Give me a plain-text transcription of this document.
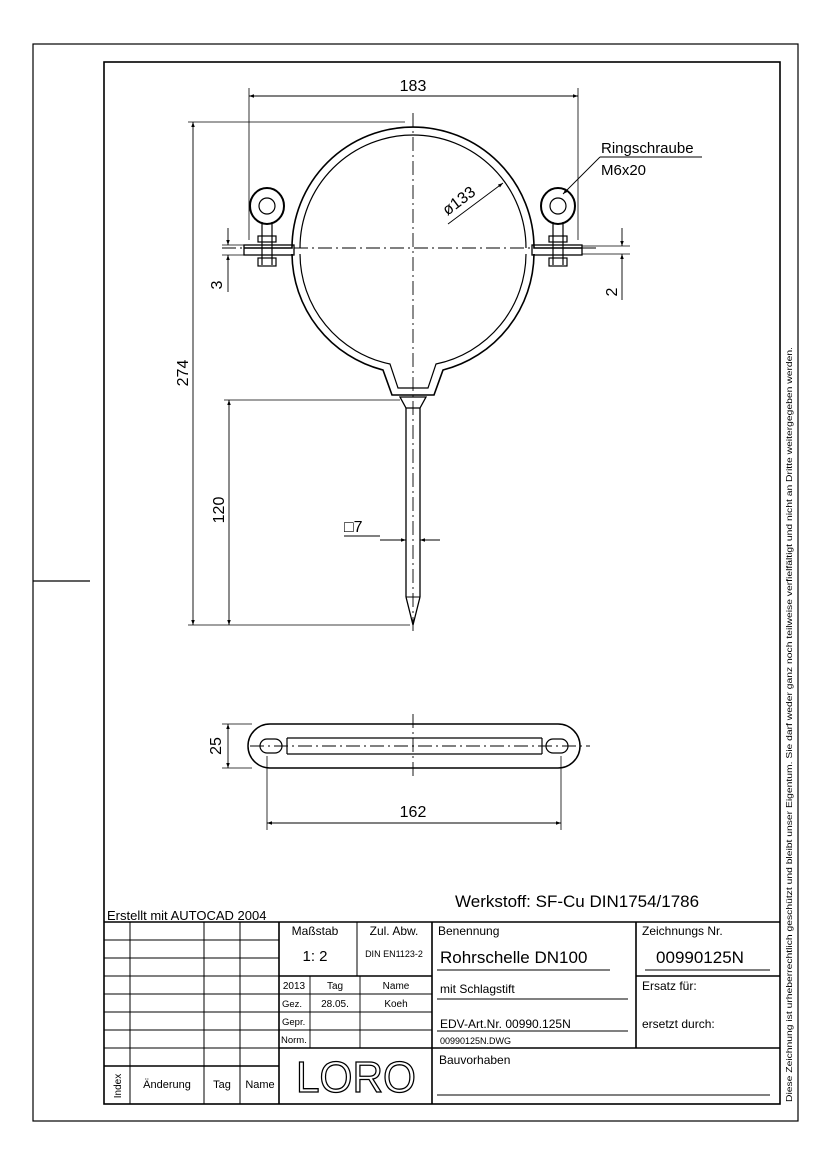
Diese Zeichnung ist urheberrechtlich geschützt und bleibt unser Eigentum. Sie darf weder ganz noch teilweise verfielfältigt und nicht an Dritte weitergegeben werden.
183
ø133
Ringschraube
M6x20
274
120
3
2
□7
25
162
Werkstoff: SF-Cu DIN1754/1786
Erstellt mit AUTOCAD 2004
Index Änderung Tag Name
Maßstab
1: 2
Zul. Abw.
DIN EN1123-2
2013 Tag	Name
Gez. 28.05.	Koeh
Gepr.
Norm.
LORO
Benennung
Rohrschelle DN100
mit Schlagstift
EDV-Art.Nr. 00990.125N
00990125N.DWG
Zeichnungs Nr.
00990125N
Ersatz für:
ersetzt durch:
Bauvorhaben
